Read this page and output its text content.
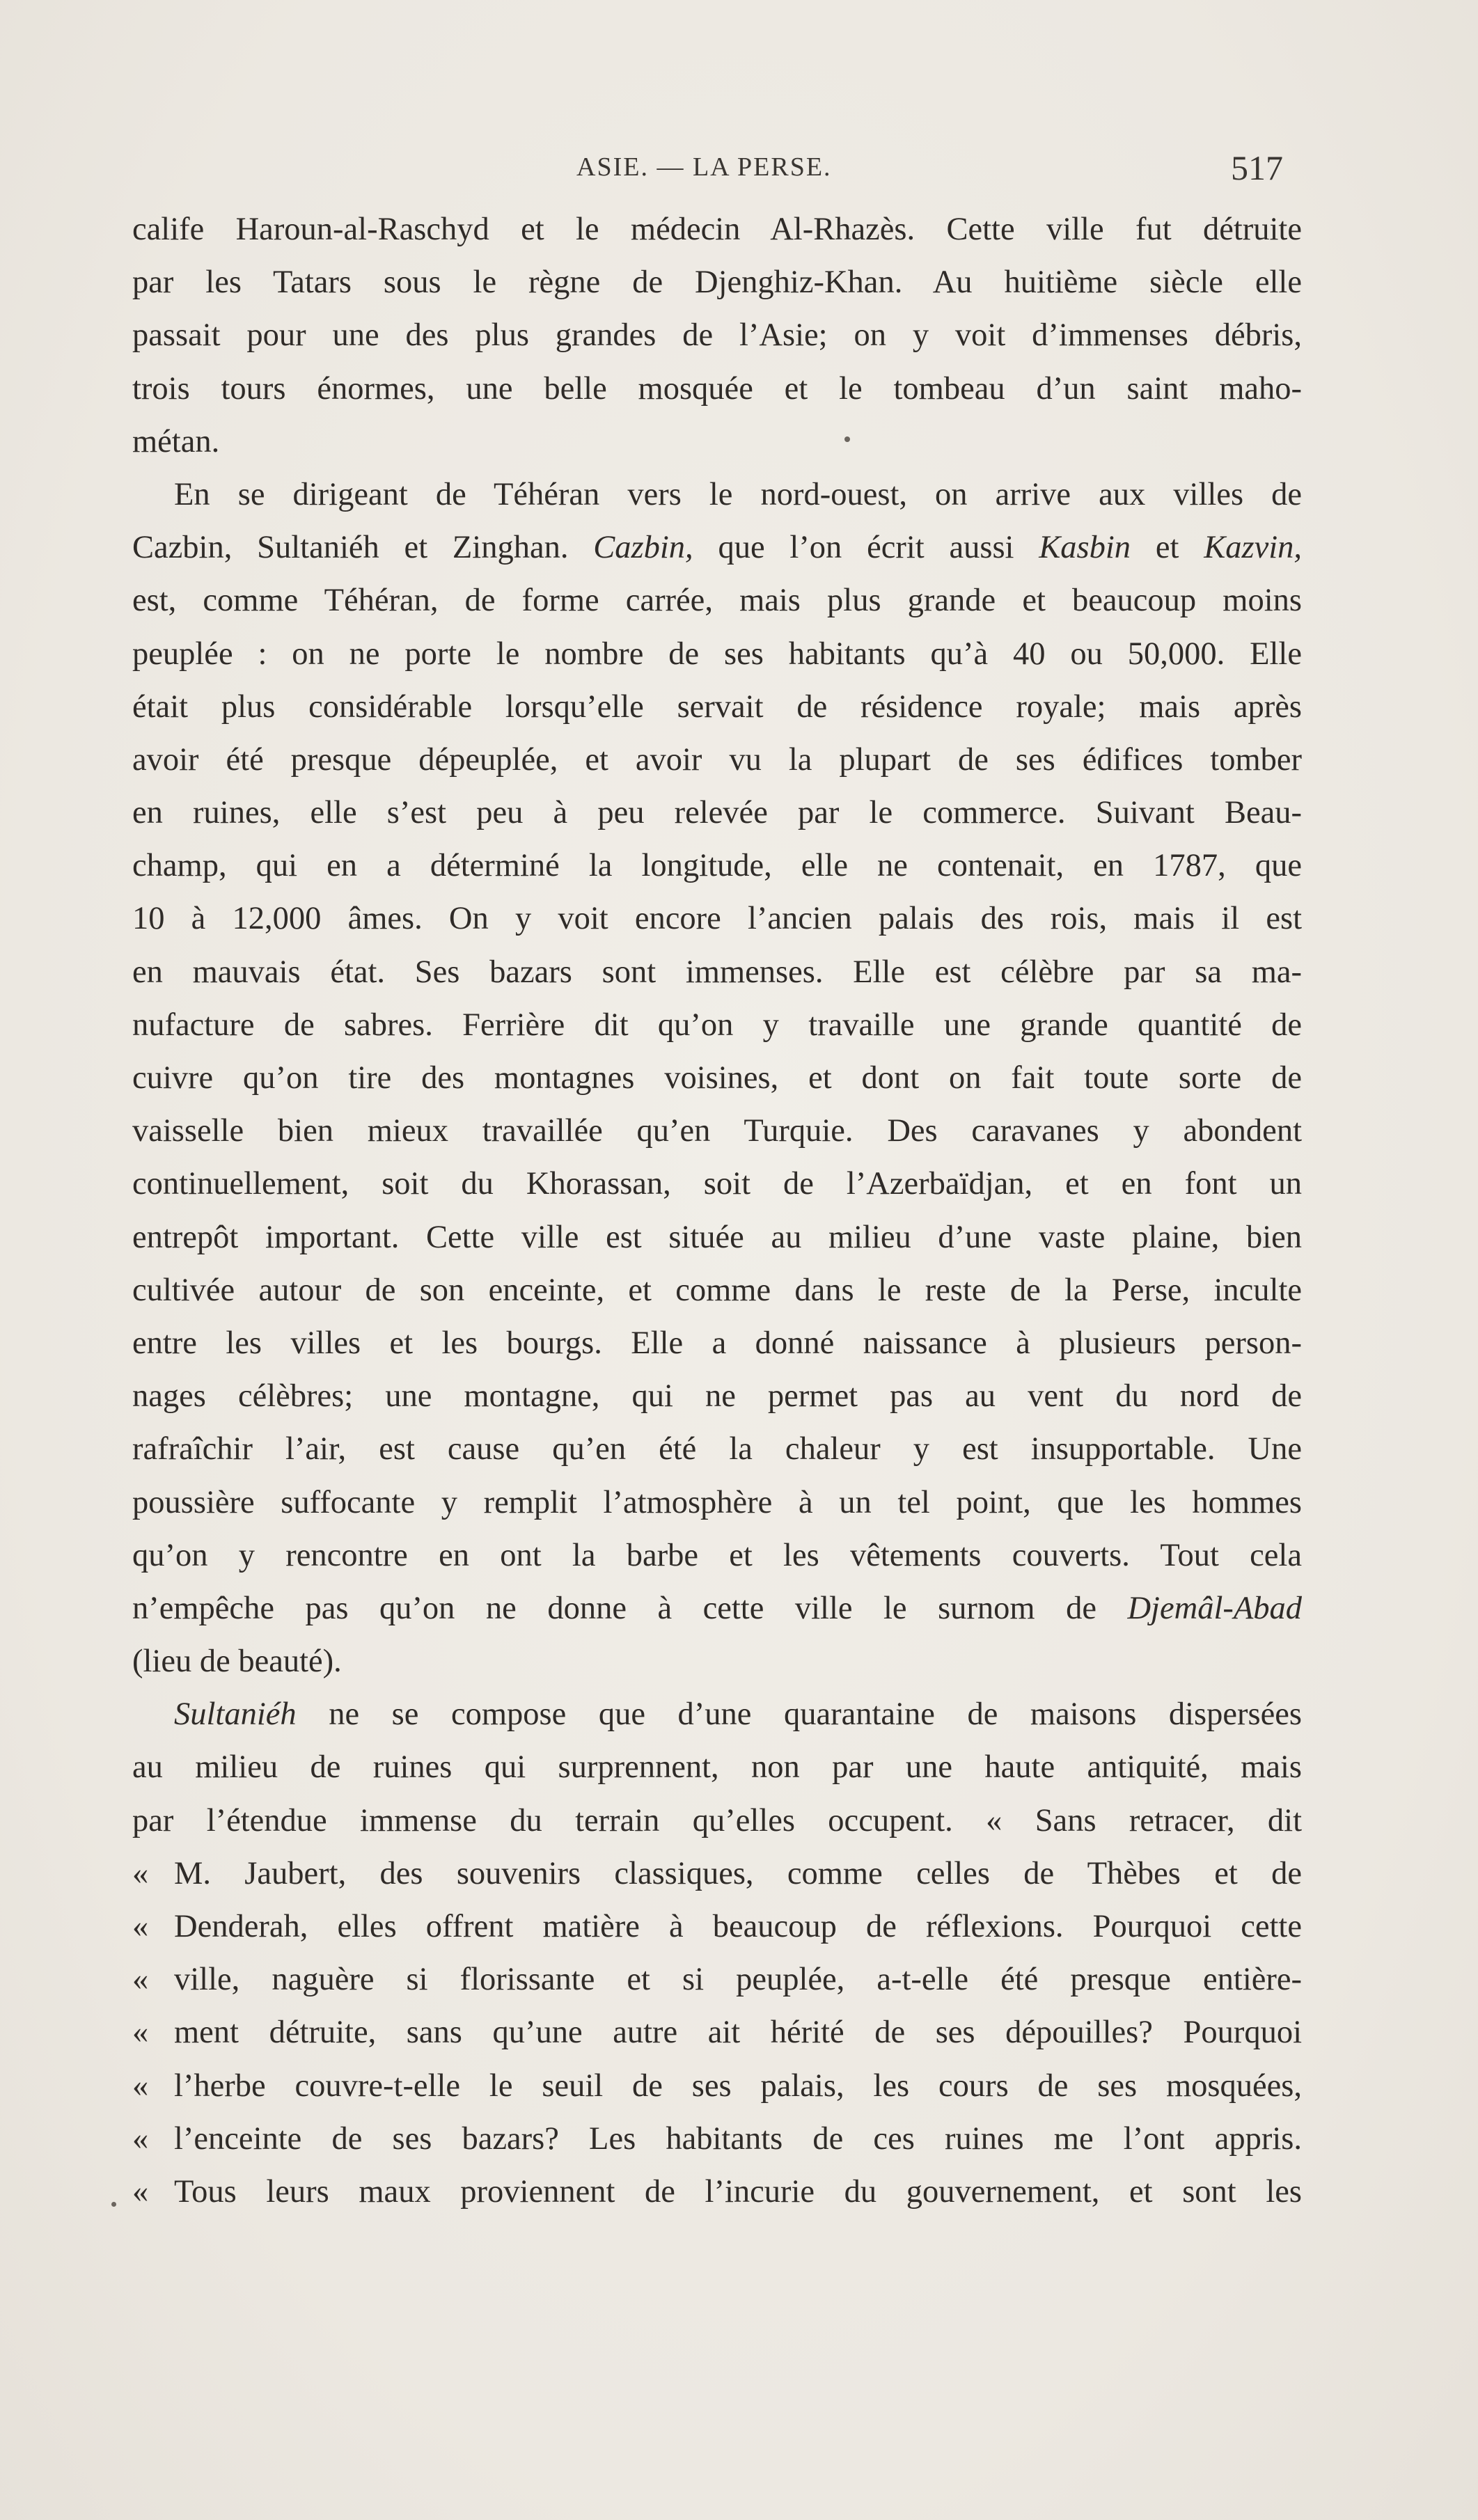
ASIE. — LA PERSE.	517
calife Haroun-al-Raschyd et le médecin Al-Rhazès. Cette ville fut détruite
par les Tatars sous le règne de Djenghiz-Khan. Au huitième siècle elle
passait pour une des plus grandes de l’Asie; on y voit d’immenses débris,
trois tours énormes, une belle mosquée et le tombeau d’un saint maho-
métan.
En se dirigeant de Téhéran vers le nord-ouest, on arrive aux villes de
Cazbin, Sultaniéh et Zinghan. Cazbin, que l’on écrit aussi Kasbin et Kazvin,
est, comme Téhéran, de forme carrée, mais plus grande et beaucoup moins
peuplée : on ne porte le nombre de ses habitants qu’à 40 ou 50,000. Elle
était plus considérable lorsqu’elle servait de résidence royale; mais après
avoir été presque dépeuplée, et avoir vu la plupart de ses édifices tomber
en ruines, elle s’est peu à peu relevée par le commerce. Suivant Beau-
champ, qui en a déterminé la longitude, elle ne contenait, en 1787, que
10 à 12,000 âmes. On y voit encore l’ancien palais des rois, mais il est
en mauvais état. Ses bazars sont immenses. Elle est célèbre par sa ma-
nufacture de sabres. Ferrière dit qu’on y travaille une grande quantité de
cuivre qu’on tire des montagnes voisines, et dont on fait toute sorte de
vaisselle bien mieux travaillée qu’en Turquie. Des caravanes y abondent
continuellement, soit du Khorassan, soit de l’Azerbaïdjan, et en font un
entrepôt important. Cette ville est située au milieu d’une vaste plaine, bien
cultivée autour de son enceinte, et comme dans le reste de la Perse, inculte
entre les villes et les bourgs. Elle a donné naissance à plusieurs person-
nages célèbres; une montagne, qui ne permet pas au vent du nord de
rafraîchir l’air, est cause qu’en été la chaleur y est insupportable. Une
poussière suffocante y remplit l’atmosphère à un tel point, que les hommes
qu’on y rencontre en ont la barbe et les vêtements couverts. Tout cela
n’empêche pas qu’on ne donne à cette ville le surnom de Djemâl-Abad
(lieu de beauté).
Sultaniéh ne se compose que d’une quarantaine de maisons dispersées
au milieu de ruines qui surprennent, non par une haute antiquité, mais
par l’étendue immense du terrain qu’elles occupent. « Sans retracer, dit
« M. Jaubert, des souvenirs classiques, comme celles de Thèbes et de
« Denderah, elles offrent matière à beaucoup de réflexions. Pourquoi cette
« ville, naguère si florissante et si peuplée, a-t-elle été presque entière-
« ment détruite, sans qu’une autre ait hérité de ses dépouilles? Pourquoi
« l’herbe couvre-t-elle le seuil de ses palais, les cours de ses mosquées,
« l’enceinte de ses bazars? Les habitants de ces ruines me l’ont appris.
« Tous leurs maux proviennent de l’incurie du gouvernement, et sont les
